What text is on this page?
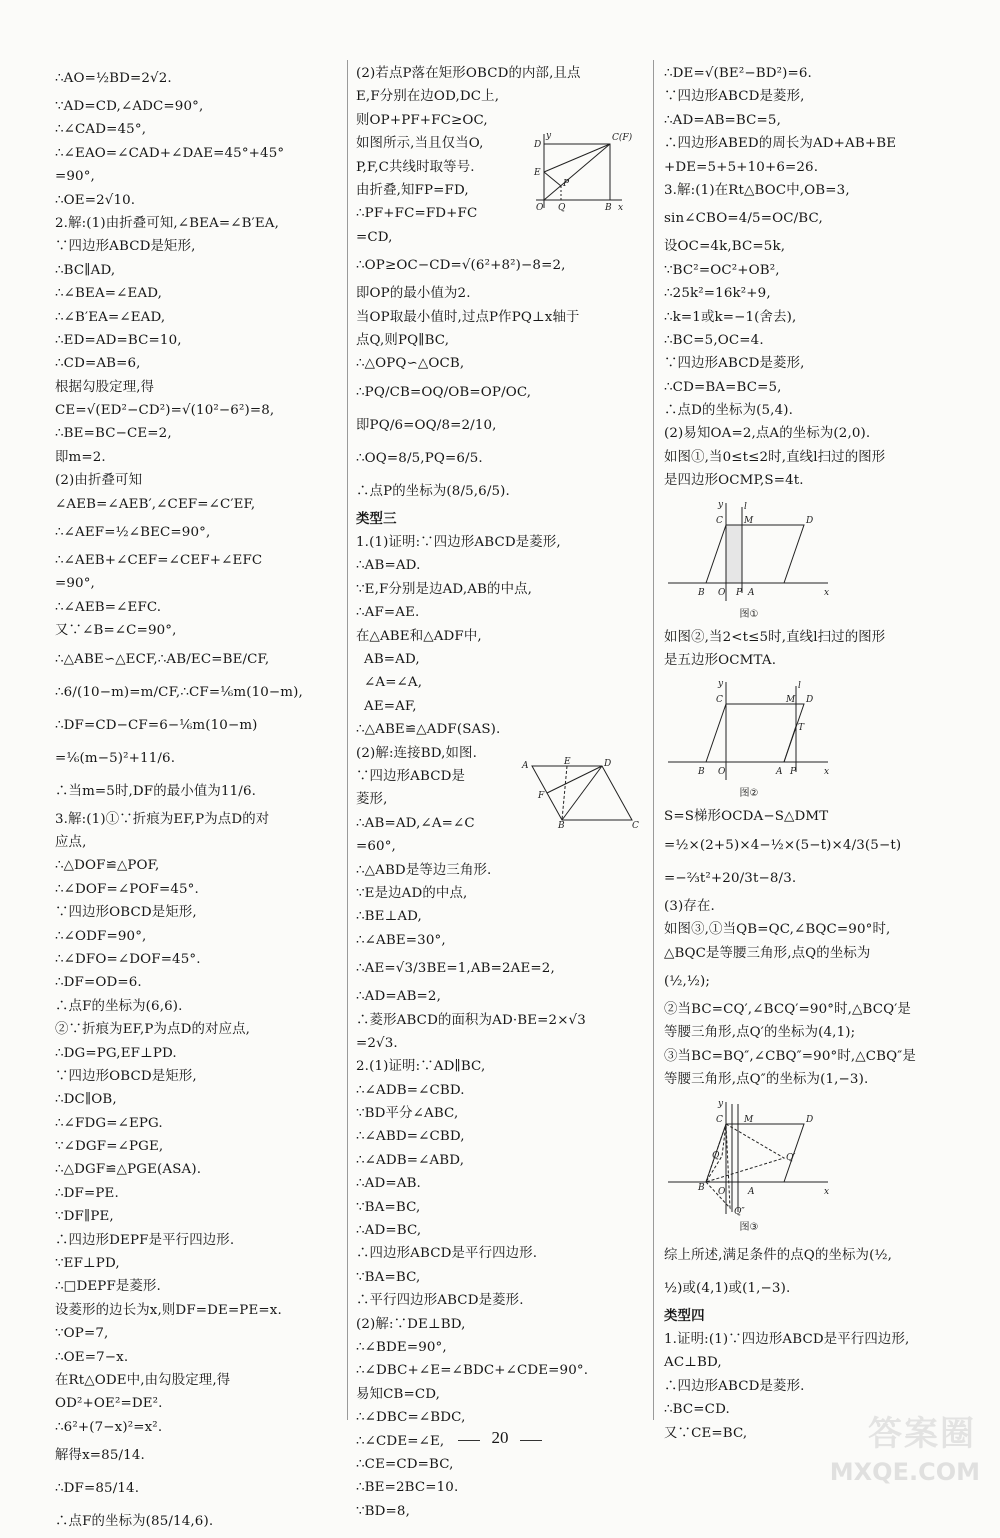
∴AO=½BD=2√2.
∵AD=CD,∠ADC=90°,
∴∠CAD=45°,
∴∠EAO=∠CAD+∠DAE=45°+45°
=90°,
∴OE=2√10.
2.解:(1)由折叠可知,∠BEA=∠B′EA,
∵四边形ABCD是矩形,
∴BC∥AD,
∴∠BEA=∠EAD,
∴∠B′EA=∠EAD,
∴ED=AD=BC=10,
∴CD=AB=6,
根据勾股定理,得
CE=√(ED²−CD²)=√(10²−6²)=8,
∴BE=BC−CE=2,
即m=2.
(2)由折叠可知
∠AEB=∠AEB′,∠CEF=∠C′EF,
∴∠AEF=½∠BEC=90°,
∴∠AEB+∠CEF=∠CEF+∠EFC
=90°,
∴∠AEB=∠EFC.
又∵∠B=∠C=90°,
∴△ABE∽△ECF,∴AB/EC=BE/CF,
∴6/(10−m)=m/CF,∴CF=⅙m(10−m),
∴DF=CD−CF=6−⅙m(10−m)
=⅙(m−5)²+11/6.
∴当m=5时,DF的最小值为11/6.
3.解:(1)①∵折痕为EF,P为点D的对
应点,
∴△DOF≌△POF,
∴∠DOF=∠POF=45°.
∵四边形OBCD是矩形,
∴∠ODF=90°,
∴∠DFO=∠DOF=45°.
∴DF=OD=6.
∴点F的坐标为(6,6).
②∵折痕为EF,P为点D的对应点,
∴DG=PG,EF⊥PD.
∵四边形OBCD是矩形,
∴DC∥OB,
∴∠FDG=∠EPG.
∵∠DGF=∠PGE,
∴△DGF≌△PGE(ASA).
∴DF=PE.
∵DF∥PE,
∴四边形DEPF是平行四边形.
∵EF⊥PD,
∴□DEPF是菱形.
设菱形的边长为x,则DF=DE=PE=x.
∵OP=7,
∴OE=7−x.
在Rt△ODE中,由勾股定理,得
OD²+OE²=DE².
∴6²+(7−x)²=x².
解得x=85/14.
∴DF=85/14.
∴点F的坐标为(85/14,6).
(2)若点P落在矩形OBCD的内部,且点
E,F分别在边OD,DC上,
则OP+PF+FC≥OC,
C(F)
D
E
P
O Q	B x
y
如图所示,当且仅当O,
P,F,C共线时取等号.
由折叠,知FP=FD,
∴PF+FC=FD+FC
=CD,
∴OP≥OC−CD=√(6²+8²)−8=2,
即OP的最小值为2.
当OP取最小值时,过点P作PQ⊥x轴于
点Q,则PQ∥BC,
∴△OPQ∽△OCB,
∴PQ/CB=OQ/OB=OP/OC,
即PQ/6=OQ/8=2/10,
∴OQ=8/5,PQ=6/5.
∴点P的坐标为(8/5,6/5).
类型三
1.(1)证明:∵四边形ABCD是菱形,
∴AB=AD.
∵E,F分别是边AD,AB的中点,
∴AF=AE.
在△ABE和△ADF中,
AB=AD,
∠A=∠A,
AE=AF,
∴△ABE≌△ADF(SAS).
(2)解:连接BD,如图.
A	E	D
F
B	C
∵四边形ABCD是
菱形,
∴AB=AD,∠A=∠C
=60°,
∴△ABD是等边三角形.
∵E是边AD的中点,
∴BE⊥AD,
∴∠ABE=30°,
∴AE=√3/3BE=1,AB=2AE=2,
∴AD=AB=2,
∴菱形ABCD的面积为AD·BE=2×√3
=2√3.
2.(1)证明:∵AD∥BC,
∴∠ADB=∠CBD.
∵BD平分∠ABC,
∴∠ABD=∠CBD,
∴∠ADB=∠ABD,
∴AD=AB.
∵BA=BC,
∴AD=BC,
∴四边形ABCD是平行四边形.
∵BA=BC,
∴平行四边形ABCD是菱形.
(2)解:∵DE⊥BD,
∴∠BDE=90°,
∴∠DBC+∠E=∠BDC+∠CDE=90°.
易知CB=CD,
∴∠DBC=∠BDC,
∴∠CDE=∠E,
∴CE=CD=BC,
∴BE=2BC=10.
∵BD=8,
∴DE=√(BE²−BD²)=6.
∵四边形ABCD是菱形,
∴AD=AB=BC=5,
∴四边形ABED的周长为AD+AB+BE
+DE=5+5+10+6=26.
3.解:(1)在Rt△BOC中,OB=3,
sin∠CBO=4/5=OC/BC,
设OC=4k,BC=5k,
∵BC²=OC²+OB²,
∴25k²=16k²+9,
∴k=1或k=−1(舍去),
∴BC=5,OC=4.
∵四边形ABCD是菱形,
∴CD=BA=BC=5,
∴点D的坐标为(5,4).
(2)易知OA=2,点A的坐标为(2,0).
如图①,当0≤t≤2时,直线l扫过的图形
是四边形OCMP,S=4t.
y l
C M	D
B O P A	x
图①
如图②,当2<t≤5时,直线l扫过的图形
是五边形OCMTA.
y	l
C	M D
T
B O	A P	x
图②
S=S梯形OCDA−S△DMT
=½×(2+5)×4−½×(5−t)×4/3(5−t)
=−⅔t²+20/3t−8/3.
(3)存在.
如图③,①当QB=QC,∠BQC=90°时,
△BQC是等腰三角形,点Q的坐标为
(½,½);
②当BC=CQ′,∠BCQ′=90°时,△BCQ′是
等腰三角形,点Q′的坐标为(4,1);
③当BC=BQ″,∠CBQ″=90°时,△CBQ″是
等腰三角形,点Q″的坐标为(1,−3).
y
C M	D
Q	Q′
B O	A
Q″
x
图③
综上所述,满足条件的点Q的坐标为(½,
½)或(4,1)或(1,−3).
类型四
1.证明:(1)∵四边形ABCD是平行四边形,
AC⊥BD,
∴四边形ABCD是菱形.
∴BC=CD.
又∵CE=BC,
20	答案圈
MXQE.COM
